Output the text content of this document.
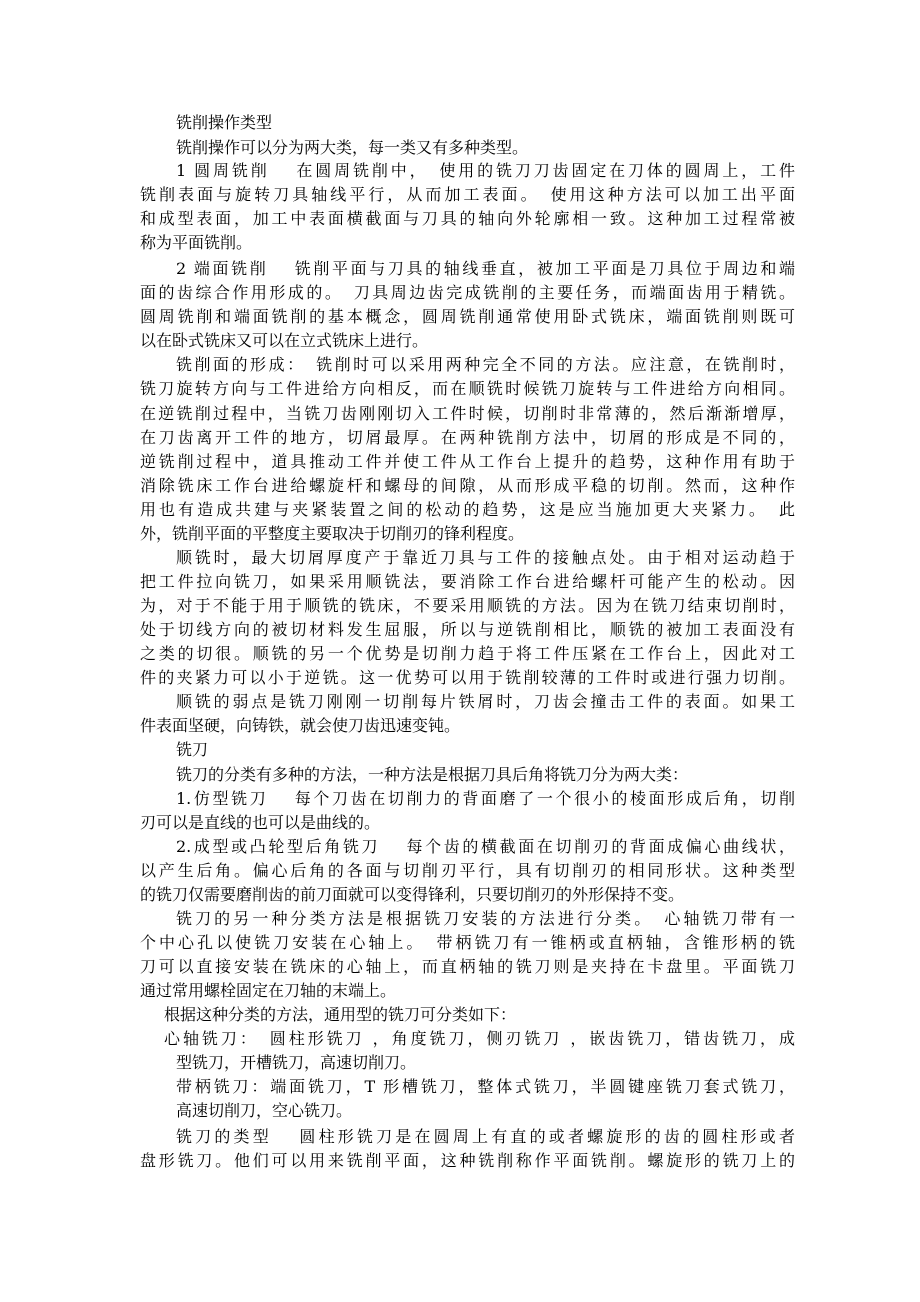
铣削操作类型
铣削操作可以分为两大类，每一类又有多种类型。
1 圆周铣削　 在圆周铣削中，　使用的铣刀刀齿固定在刀体的圆周上，工件
铣削表面与旋转刀具轴线平行，从而加工表面。　使用这种方法可以加工出平面
和成型表面，加工中表面横截面与刀具的轴向外轮廓相一致。这种加工过程常被
称为平面铣削。
2 端面铣削　 铣削平面与刀具的轴线垂直，被加工平面是刀具位于周边和端
面的齿综合作用形成的。　刀具周边齿完成铣削的主要任务，而端面齿用于精铣。
圆周铣削和端面铣削的基本概念，圆周铣削通常使用卧式铣床，端面铣削则既可
以在卧式铣床又可以在立式铣床上进行。
铣削面的形成：　铣削时可以采用两种完全不同的方法。应注意，在铣削时，
铣刀旋转方向与工件进给方向相反，而在顺铣时候铣刀旋转与工件进给方向相同。
在逆铣削过程中，当铣刀齿刚刚切入工件时候，切削时非常薄的，然后渐渐增厚，
在刀齿离开工件的地方，切屑最厚。在两种铣削方法中，切屑的形成是不同的，
逆铣削过程中，道具推动工件并使工件从工作台上提升的趋势，这种作用有助于
消除铣床工作台进给螺旋杆和螺母的间隙，从而形成平稳的切削。然而，这种作
用也有造成共建与夹紧装置之间的松动的趋势，这是应当施加更大夹紧力。　此
外，铣削平面的平整度主要取决于切削刃的锋利程度。
顺铣时，最大切屑厚度产于靠近刀具与工件的接触点处。由于相对运动趋于
把工件拉向铣刀，如果采用顺铣法，要消除工作台进给螺杆可能产生的松动。因
为，对于不能于用于顺铣的铣床，不要采用顺铣的方法。因为在铣刀结束切削时，
处于切线方向的被切材料发生屈服，所以与逆铣削相比，顺铣的被加工表面没有
之类的切很。顺铣的另一个优势是切削力趋于将工件压紧在工作台上，因此对工
件的夹紧力可以小于逆铣。这一优势可以用于铣削较薄的工件时或进行强力切削。
顺铣的弱点是铣刀刚刚一切削每片铁屑时，刀齿会撞击工件的表面。如果工
件表面坚硬，向铸铁，就会使刀齿迅速变钝。
铣刀
铣刀的分类有多种的方法，一种方法是根据刀具后角将铣刀分为两大类：
1.仿型铣刀　 每个刀齿在切削力的背面磨了一个很小的棱面形成后角，切削
刃可以是直线的也可以是曲线的。
2.成型或凸轮型后角铣刀　 每个齿的横截面在切削刃的背面成偏心曲线状，
以产生后角。偏心后角的各面与切削刃平行，具有切削刃的相同形状。这种类型
的铣刀仅需要磨削齿的前刀面就可以变得锋利，只要切削刃的外形保持不变。
铣刀的另一种分类方法是根据铣刀安装的方法进行分类。　心轴铣刀带有一
个中心孔以使铣刀安装在心轴上。　带柄铣刀有一锥柄或直柄轴，含锥形柄的铣
刀可以直接安装在铣床的心轴上，而直柄轴的铣刀则是夹持在卡盘里。平面铣刀
通过常用螺栓固定在刀轴的末端上。
根据这种分类的方法，通用型的铣刀可分类如下：
心轴铣刀：　圆柱形铣刀 ，角度铣刀，侧刃铣刀 ，嵌齿铣刀，错齿铣刀，成
型铣刀，开槽铣刀，高速切削刀。
带柄铣刀：端面铣刀，T 形槽铣刀，整体式铣刀，半圆键座铣刀套式铣刀，
高速切削刀，空心铣刀。
铣刀的类型　 圆柱形铣刀是在圆周上有直的或者螺旋形的齿的圆柱形或者
盘形铣刀。他们可以用来铣削平面，这种铣削称作平面铣削。螺旋形的铣刀上的
